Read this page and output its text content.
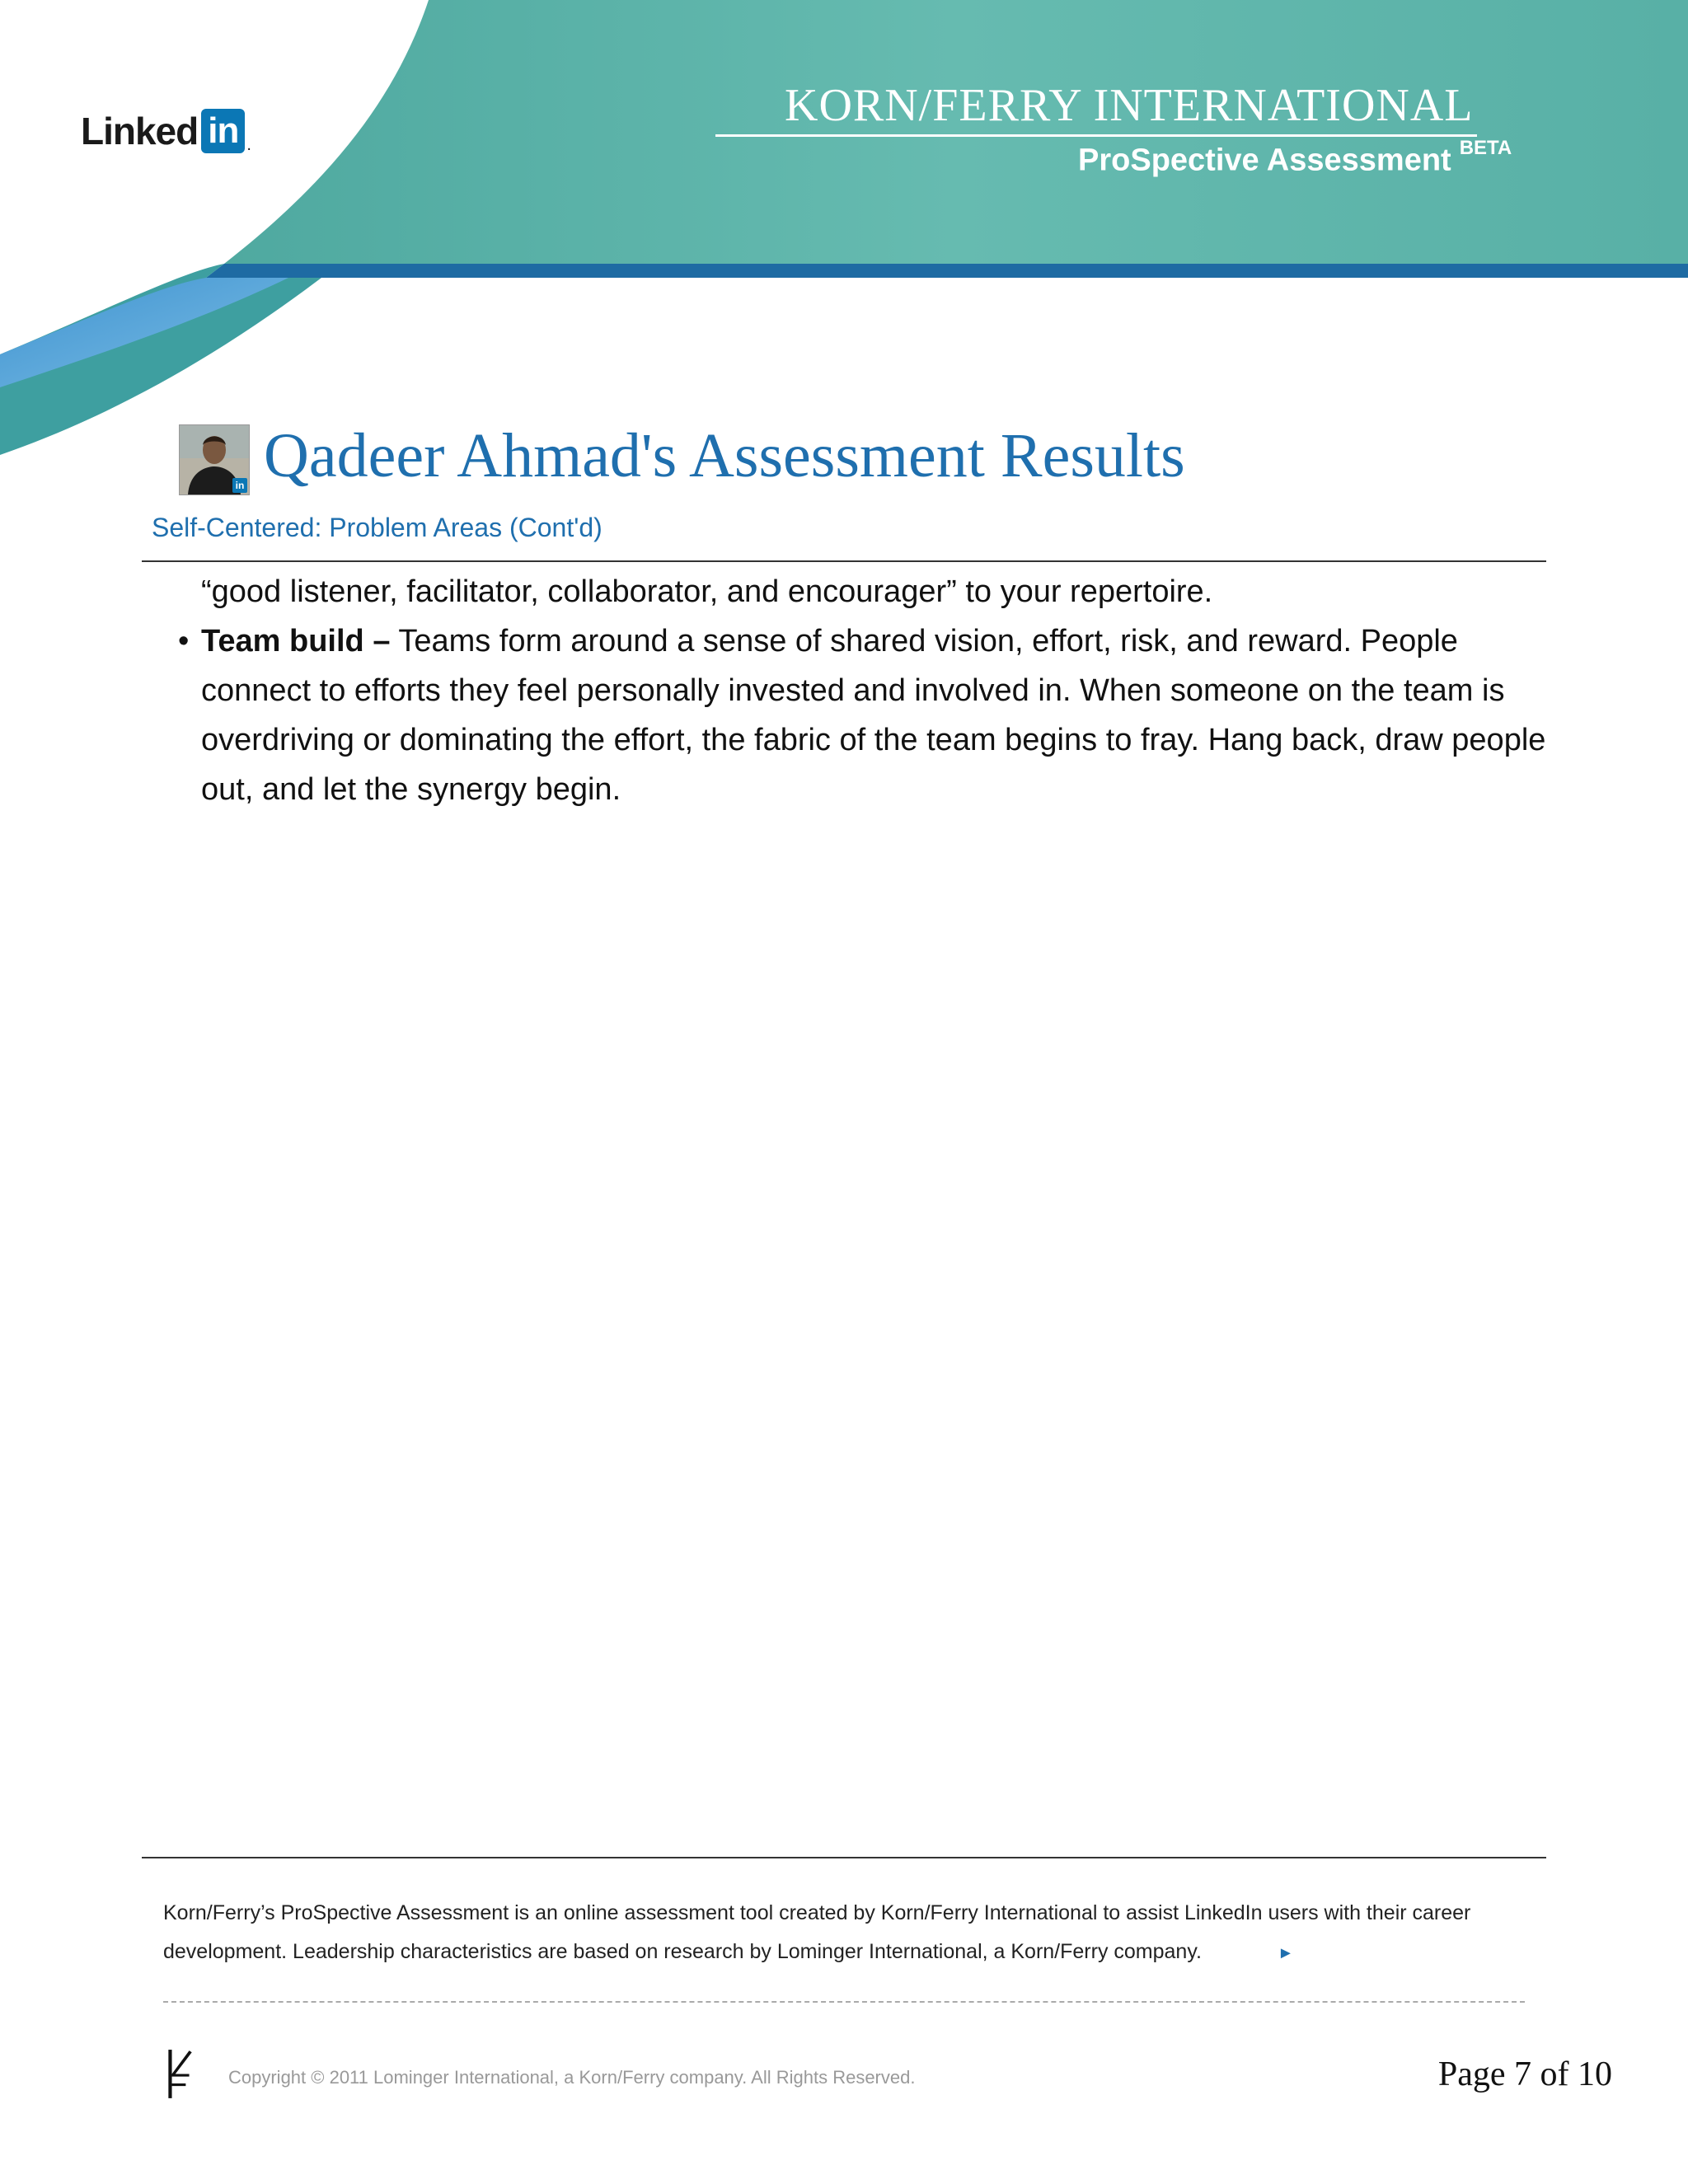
Linked in .
KORN/FERRY INTERNATIONAL
ProSpective Assessment $^{BETA}$
in Qadeer Ahmad's Assessment Results
Self-Centered: Problem Areas (Cont'd)

“good listener, facilitator, collaborator, and encourager” to your repertoire.

• Team build – Teams form around a sense of shared vision, effort, risk, and reward. People connect to efforts they feel personally invested and involved in. When someone on the team is overdriving or dominating the effort, the fabric of the team begins to fray. Hang back, draw people out, and let the synergy begin.

Korn/Ferry’s ProSpective Assessment is an online assessment tool created by Korn/Ferry International to assist LinkedIn users with their career development. Leadership characteristics are based on research by Lominger International, a Korn/Ferry company.	►
Copyright © 2011 Lominger International, a Korn/Ferry company. All Rights Reserved.	Page 7 of 10
